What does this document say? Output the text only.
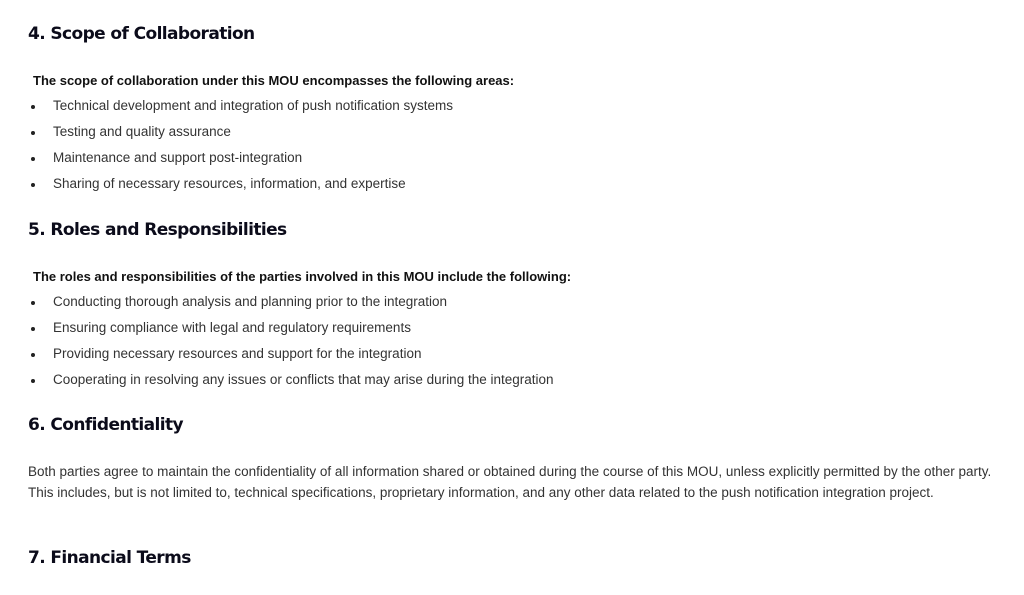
4. Scope of Collaboration

The scope of collaboration under this MOU encompasses the following areas:

Technical development and integration of push notification systems
Testing and quality assurance
Maintenance and support post-integration
Sharing of necessary resources, information, and expertise
5. Roles and Responsibilities

The roles and responsibilities of the parties involved in this MOU include the following:

Conducting thorough analysis and planning prior to the integration
Ensuring compliance with legal and regulatory requirements
Providing necessary resources and support for the integration
Cooperating in resolving any issues or conflicts that may arise during the integration
6. Confidentiality

Both parties agree to maintain the confidentiality of all information shared or obtained during the course of this MOU, unless explicitly permitted by the other party. This includes, but is not limited to, technical specifications, proprietary information, and any other data related to the push notification integration project.

7. Financial Terms
